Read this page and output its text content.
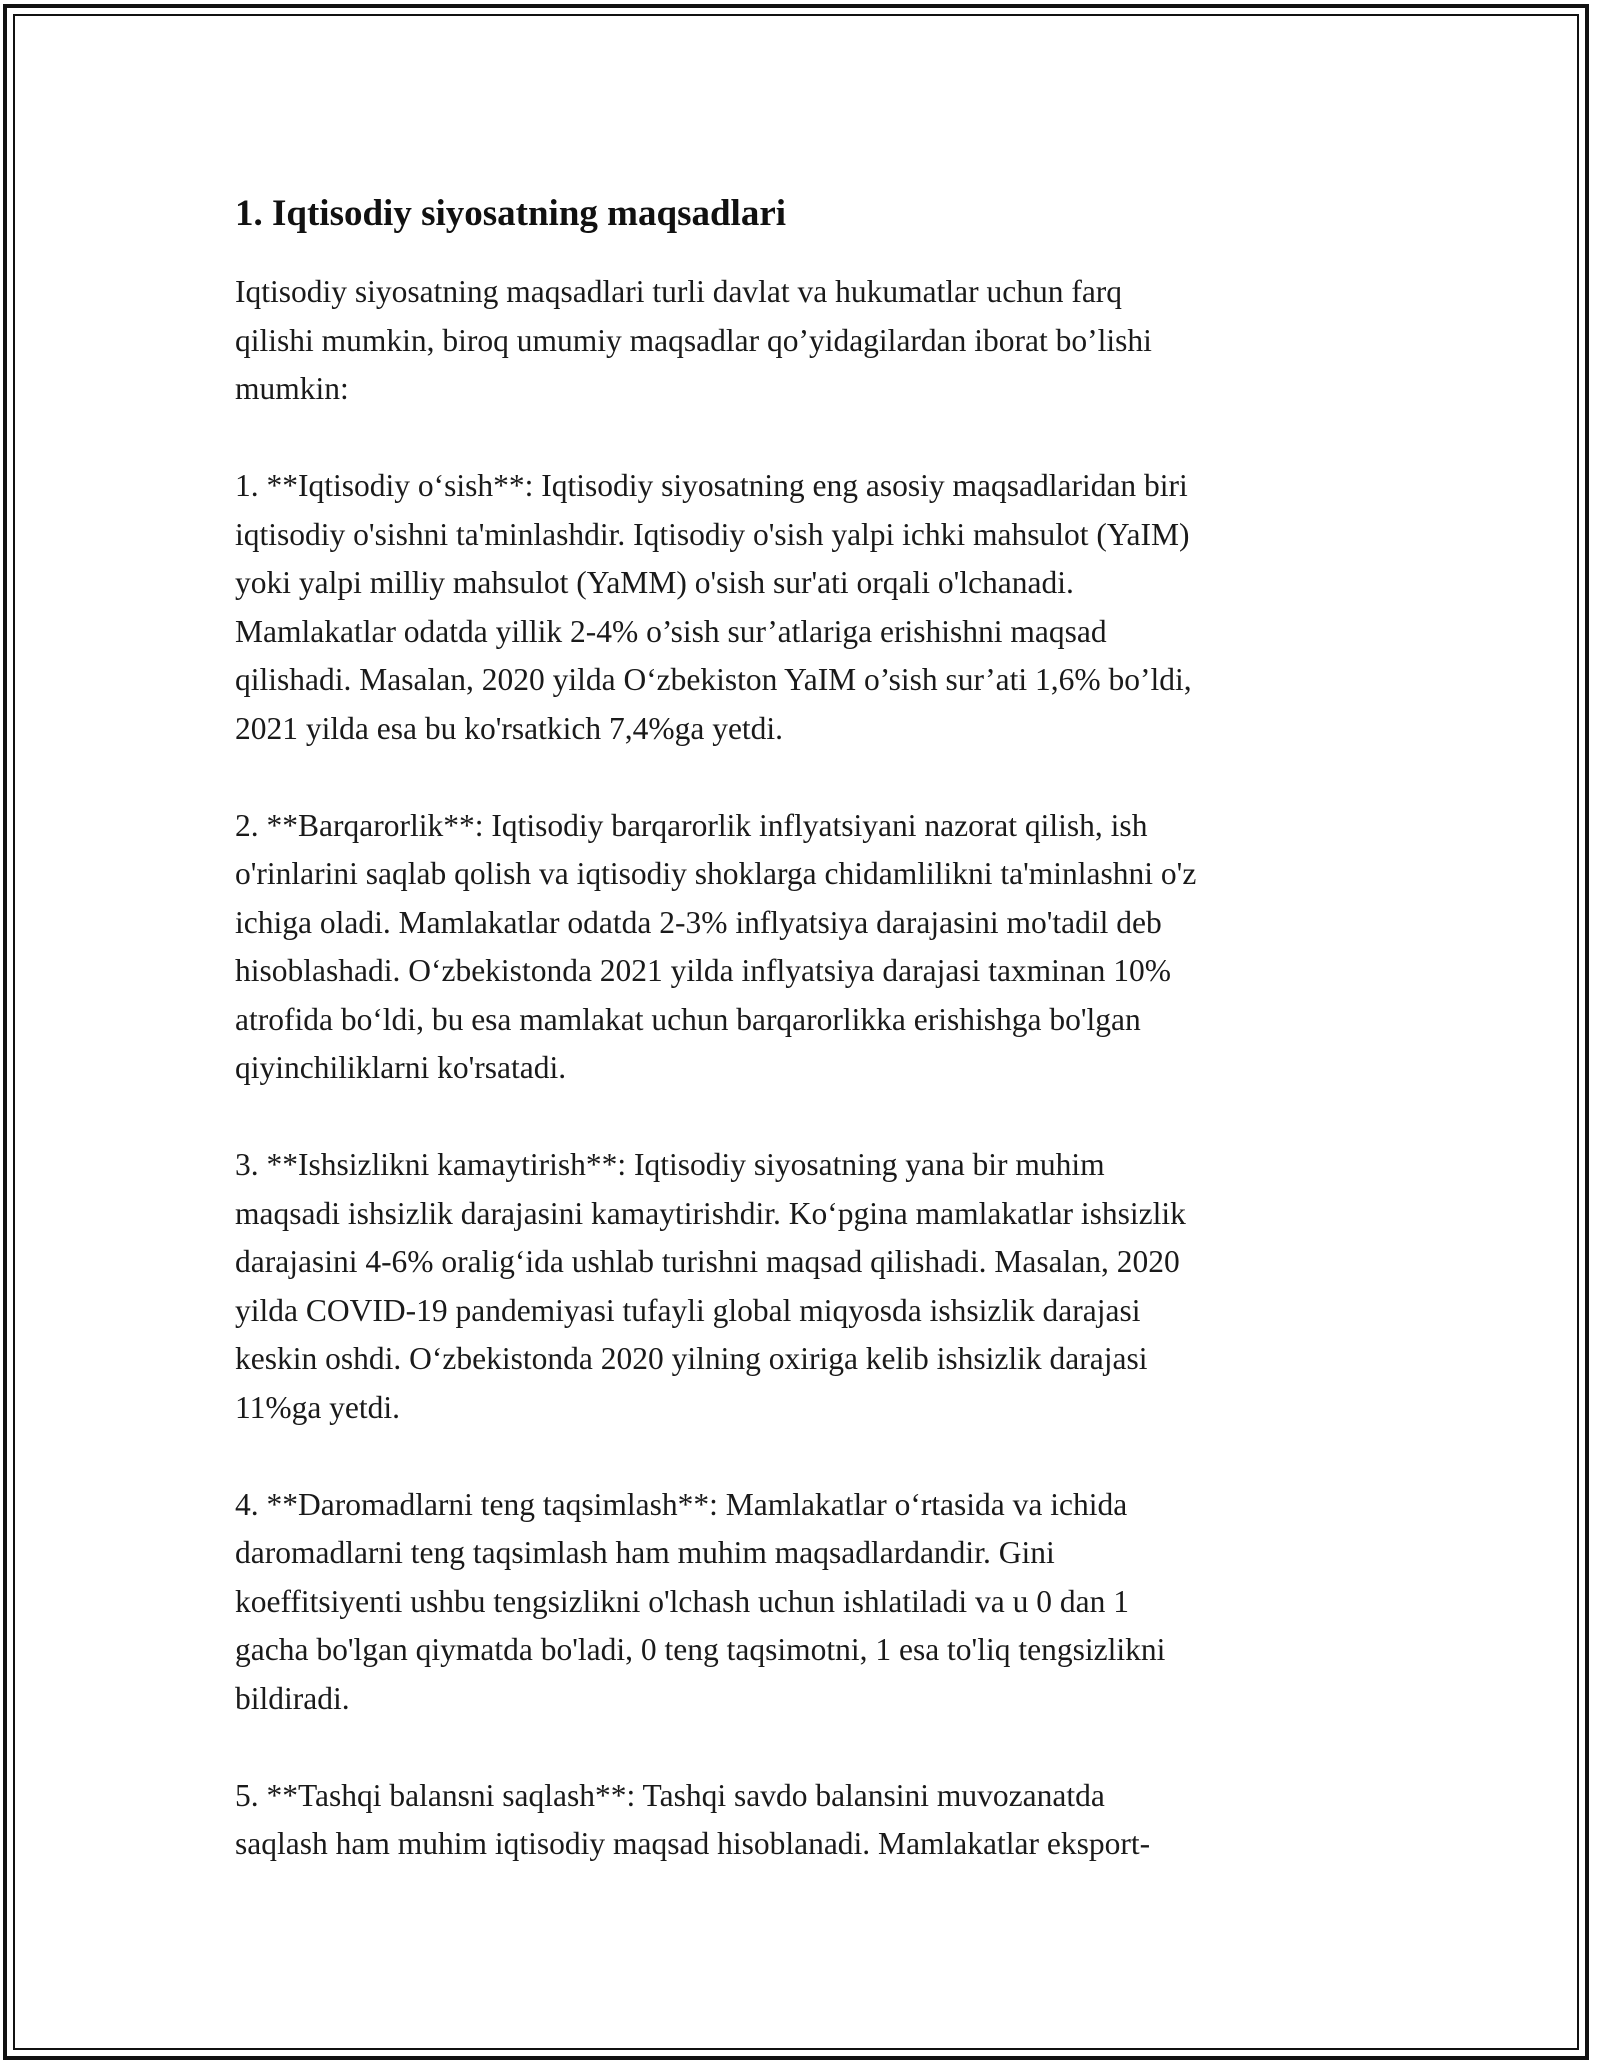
1. Iqtisodiy siyosatning maqsadlari

Iqtisodiy siyosatning maqsadlari turli davlat va hukumatlar uchun farq
qilishi mumkin, biroq umumiy maqsadlar qo’yidagilardan iborat bo’lishi
mumkin:

1. **Iqtisodiy o‘sish**: Iqtisodiy siyosatning eng asosiy maqsadlaridan biri
iqtisodiy o'sishni ta'minlashdir. Iqtisodiy o'sish yalpi ichki mahsulot (YaIM)
yoki yalpi milliy mahsulot (YaMM) o'sish sur'ati orqali o'lchanadi.
Mamlakatlar odatda yillik 2-4% o’sish sur’atlariga erishishni maqsad
qilishadi. Masalan, 2020 yilda O‘zbekiston YaIM o’sish sur’ati 1,6% bo’ldi,
2021 yilda esa bu ko'rsatkich 7,4%ga yetdi.

2. **Barqarorlik**: Iqtisodiy barqarorlik inflyatsiyani nazorat qilish, ish
o'rinlarini saqlab qolish va iqtisodiy shoklarga chidamlilikni ta'minlashni o'z
ichiga oladi. Mamlakatlar odatda 2-3% inflyatsiya darajasini mo'tadil deb
hisoblashadi. O‘zbekistonda 2021 yilda inflyatsiya darajasi taxminan 10%
atrofida bo‘ldi, bu esa mamlakat uchun barqarorlikka erishishga bo'lgan
qiyinchiliklarni ko'rsatadi.

3. **Ishsizlikni kamaytirish**: Iqtisodiy siyosatning yana bir muhim
maqsadi ishsizlik darajasini kamaytirishdir. Ko‘pgina mamlakatlar ishsizlik
darajasini 4-6% oralig‘ida ushlab turishni maqsad qilishadi. Masalan, 2020
yilda COVID-19 pandemiyasi tufayli global miqyosda ishsizlik darajasi
keskin oshdi. O‘zbekistonda 2020 yilning oxiriga kelib ishsizlik darajasi
11%ga yetdi.

4. **Daromadlarni teng taqsimlash**: Mamlakatlar o‘rtasida va ichida
daromadlarni teng taqsimlash ham muhim maqsadlardandir. Gini
koeffitsiyenti ushbu tengsizlikni o'lchash uchun ishlatiladi va u 0 dan 1
gacha bo'lgan qiymatda bo'ladi, 0 teng taqsimotni, 1 esa to'liq tengsizlikni
bildiradi.

5. **Tashqi balansni saqlash**: Tashqi savdo balansini muvozanatda
saqlash ham muhim iqtisodiy maqsad hisoblanadi. Mamlakatlar eksport-
